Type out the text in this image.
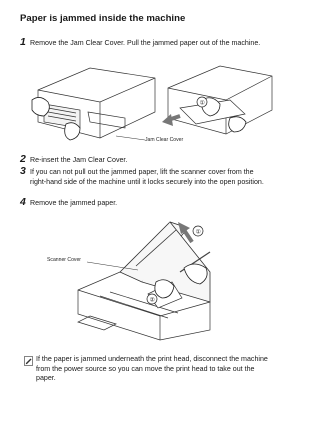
Paper is jammed inside the machine
1 Remove the Jam Clear Cover. Pull the jammed paper out of the machine.
①
Jam Clear Cover
2 Re-insert the Jam Clear Cover.
3 If you can not pull out the jammed paper, lift the scanner cover from the right-hand side of the machine until it locks securely into the open position.
4 Remove the jammed paper.
①
②
Scanner Cover
If the paper is jammed underneath the print head, disconnect the machine from the power source so you can move the print head to take out the paper.
